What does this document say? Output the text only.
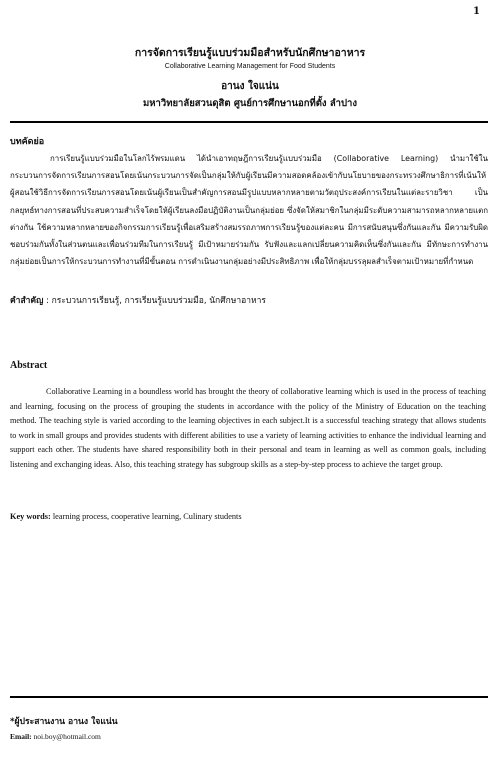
1
การจัดการเรียนรู้แบบร่วมมือสำหรับนักศึกษาอาหาร
Collaborative Learning Management for Food Students
อานง ใจแน่น
มหาวิทยาลัยสวนดุสิต ศูนย์การศึกษานอกที่ตั้ง ลำปาง
บทคัดย่อ

การเรียนรู้แบบร่วมมือในโลกไร้พรมแดน ได้นำเอาทฤษฎีการเรียนรู้แบบร่วมมือ (Collaborative Learning) นำมาใช้ในกระบวนการจัดการเรียนการสอนโดยเน้นกระบวนการจัดเป็นกลุ่มให้กับผู้เรียนมีความสอดคล้องเข้ากับนโยบายของกระทรวงศึกษาธิการที่เน้นให้ผู้สอนใช้วิธีการจัดการเรียนการสอนโดยเน้นผู้เรียนเป็นสำคัญการสอนมีรูปแบบหลากหลายตามวัตถุประสงค์การเรียนในแต่ละรายวิชา เป็นกลยุทธ์ทางการสอนที่ประสบความสำเร็จโดยให้ผู้เรียนลงมือปฏิบัติงานเป็นกลุ่มย่อย ซึ่งจัดให้สมาชิกในกลุ่มมีระดับความสามารถหลากหลายแตกต่างกัน ใช้ความหลากหลายของกิจกรรมการเรียนรู้เพื่อเสริมสร้างสมรรถภาพการเรียนรู้ของแต่ละคน มีการสนับสนุนซึ่งกันและกัน มีความรับผิดชอบร่วมกันทั้งในส่วนตนและเพื่อนร่วมทีมในการเรียนรู้ มีเป้าหมายร่วมกัน รับฟังและแลกเปลี่ยนความคิดเห็นซึ่งกันและกัน มีทักษะการทำงานกลุ่มย่อยเป็นการให้กระบวนการทำงานที่มีขั้นตอน การดำเนินงานกลุ่มอย่างมีประสิทธิภาพ เพื่อให้กลุ่มบรรลุผลสำเร็จตามเป้าหมายที่กำหนด

คำสำคัญ : กระบวนการเรียนรู้, การเรียนรู้แบบร่วมมือ, นักศึกษาอาหาร

Abstract

Collaborative Learning in a boundless world has brought the theory of collaborative learning which is used in the process of teaching and learning, focusing on the process of grouping the students in accordance with the policy of the Ministry of Education on the teaching method. The teaching style is varied according to the learning objectives in each subject.It is a successful teaching strategy that allows students to work in small groups and provides students with different abilities to use a variety of learning activities to enhance the individual learning and support each other. The students have shared responsibility both in their personal and team in learning as well as common goals, including listening and exchanging ideas. Also, this teaching strategy has subgroup skills as a step-by-step process to achieve the target group.

Key words: learning process, cooperative learning, Culinary students

*ผู้ประสานงาน อานง ใจแน่น
Email: noi.boy@hotmail.com
